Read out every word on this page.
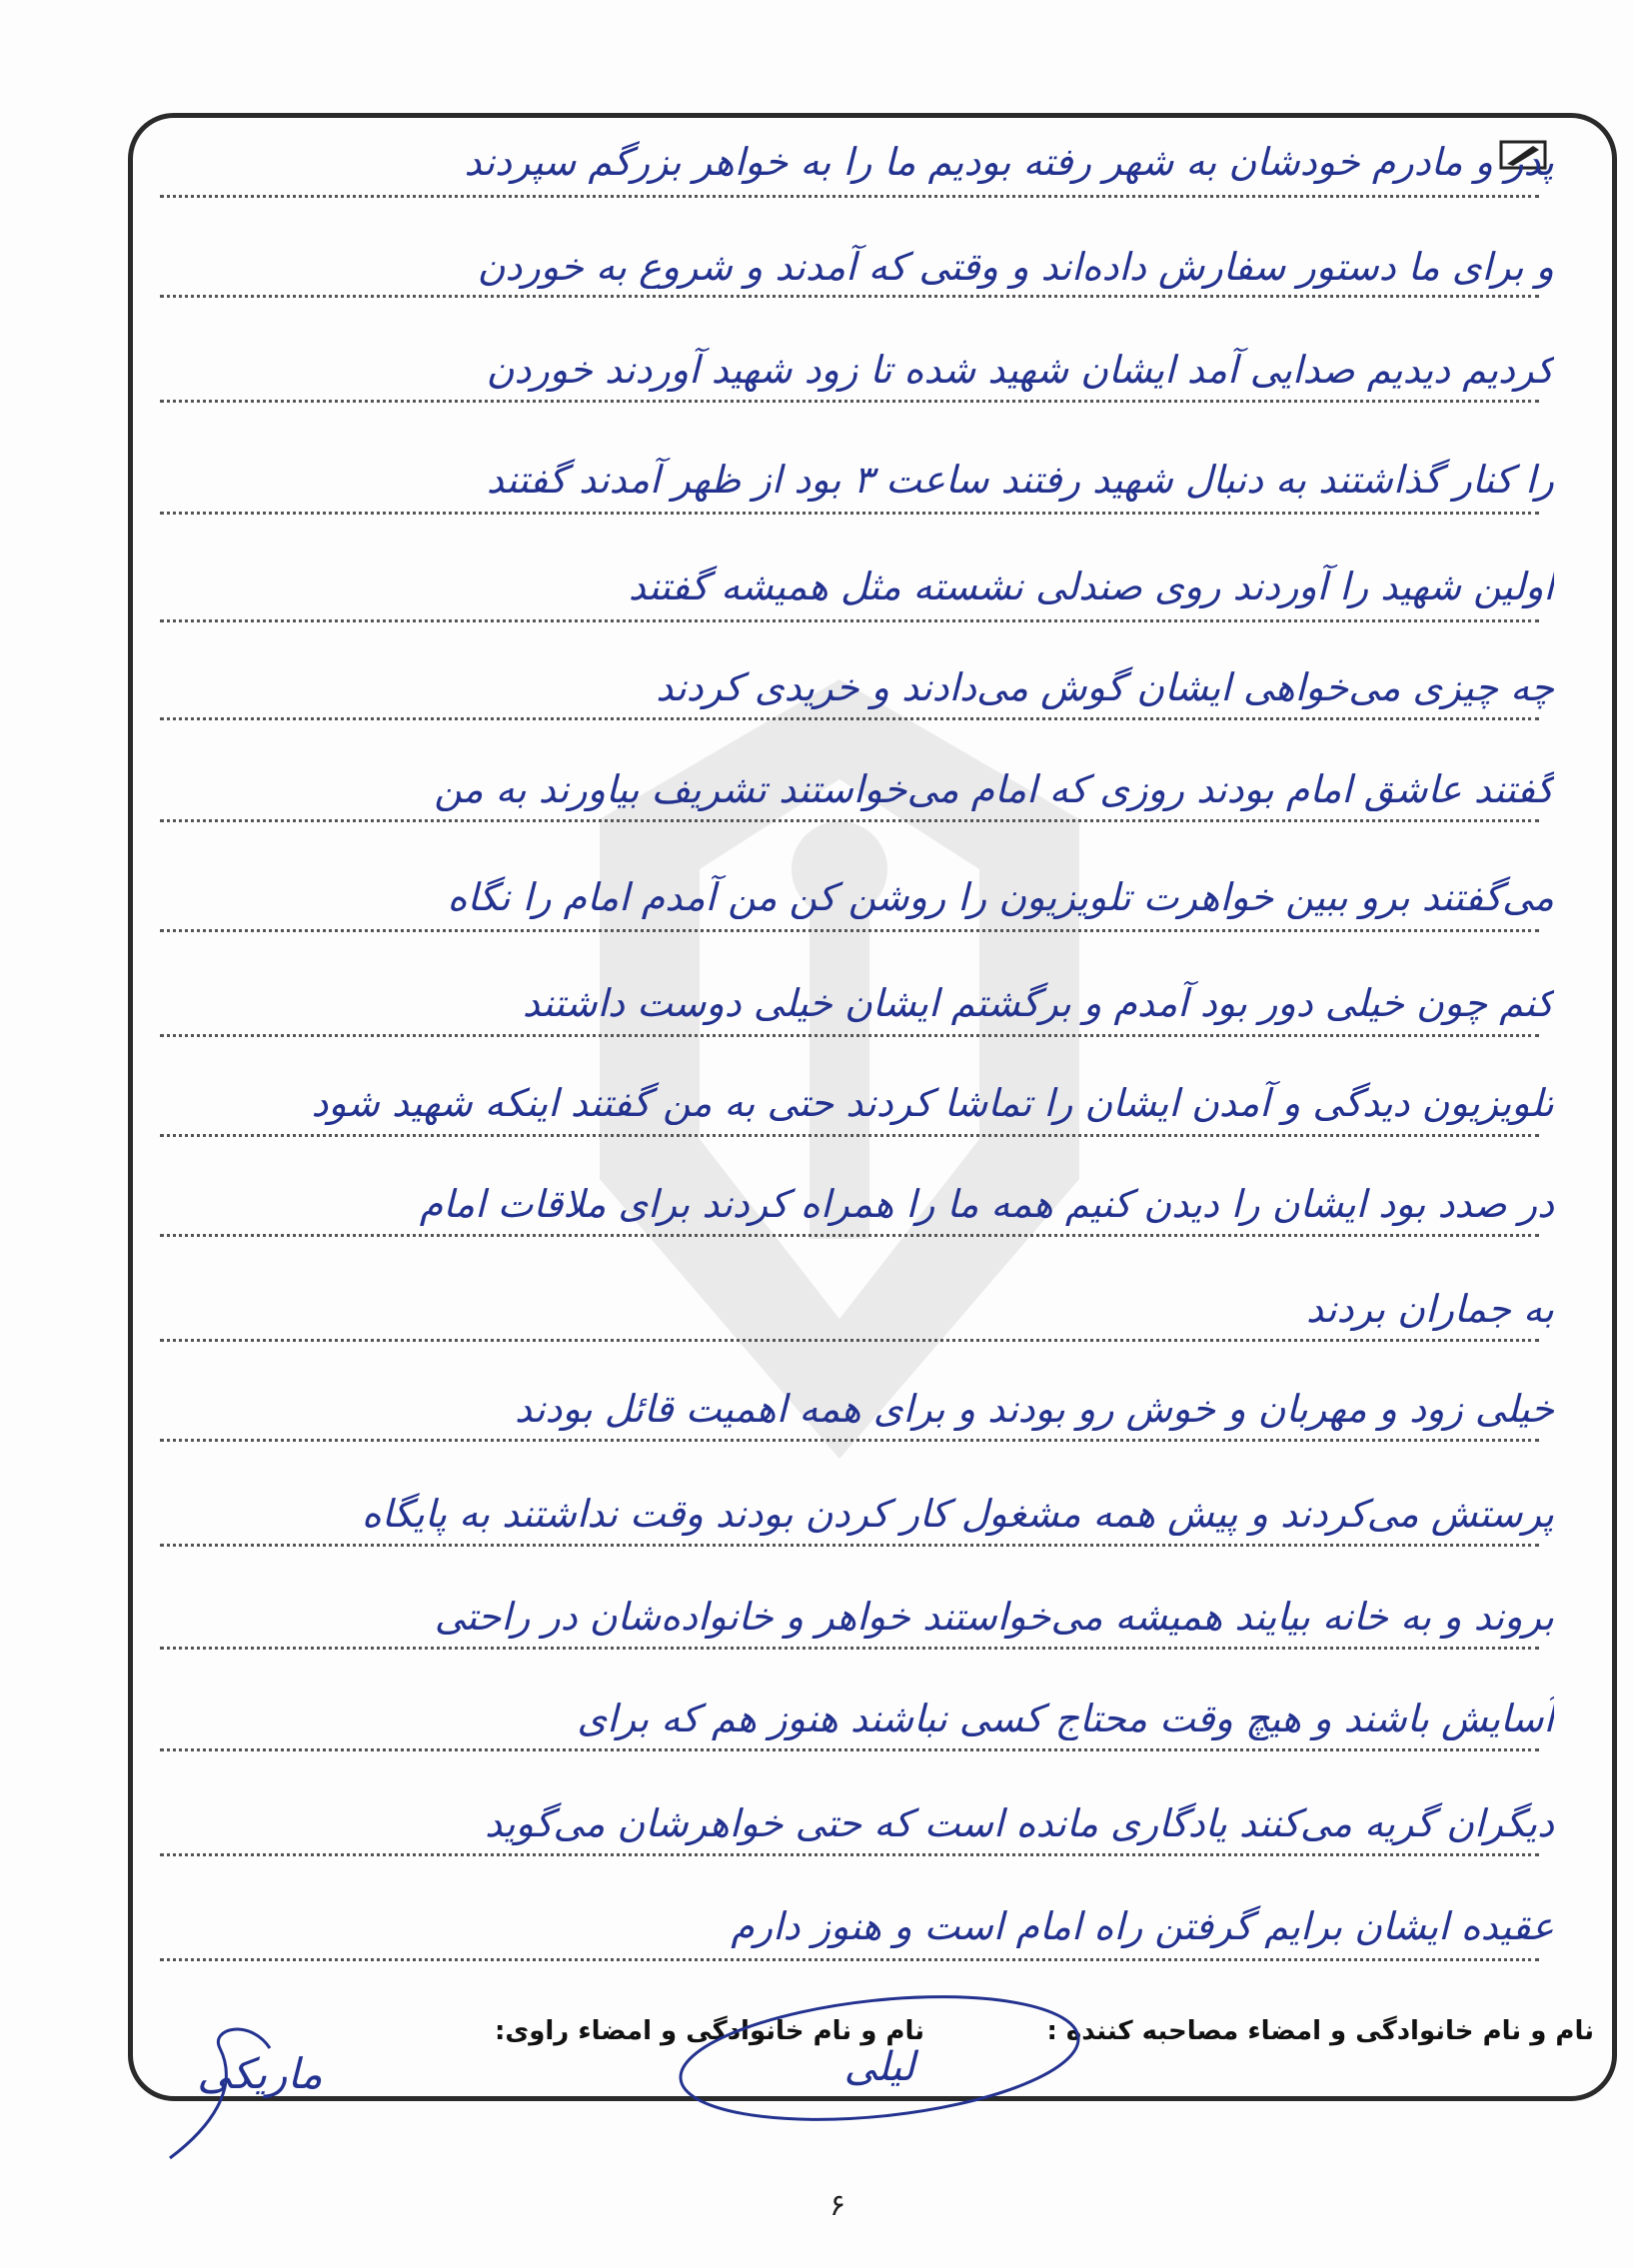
پدر و مادرم خودشان به شهر رفته بودیم ما را به خواهر بزرگم سپردند
و برای ما دستور سفارش داده‌اند و وقتی که آمدند و شروع به خوردن
کردیم دیدیم صدایی آمد ایشان شهید شده تا زود شهید آوردند خوردن
را کنار گذاشتند به دنبال شهید رفتند ساعت ۳ بود از ظهر آمدند گفتند
اولین شهید را آوردند روی صندلی نشسته مثل همیشه گفتند
چه چیزی می‌خواهی ایشان گوش می‌دادند و خریدی کردند
گفتند عاشق امام بودند روزی که امام می‌خواستند تشریف بیاورند به من
می‌گفتند برو ببین خواهرت تلویزیون را روشن کن من آمدم امام را نگاه
کنم چون خیلی دور بود آمدم و برگشتم ایشان خیلی دوست داشتند
تلویزیون دیدگی و آمدن ایشان را تماشا کردند حتی به من گفتند اینکه شهید شود
در صدد بود ایشان را دیدن کنیم همه ما را همراه کردند برای ملاقات امام
به جماران بردند
خیلی زود و مهربان و خوش رو بودند و برای همه اهمیت قائل بودند
پرستش می‌کردند و پیش همه مشغول کار کردن بودند وقت نداشتند به پایگاه
بروند و به خانه بیایند همیشه می‌خواستند خواهر و خانواده‌شان در راحتی
آسایش باشند و هیچ وقت محتاج کسی نباشند هنوز هم که برای
دیگران گریه می‌کنند یادگاری مانده است که حتی خواهرشان می‌گوید
عقیده ایشان برایم گرفتن راه امام است و هنوز دارم
نام و نام خانوادگی و امضاء مصاحبه کننده :
نام و نام خانوادگی و امضاء راوی:
لیلی
ماریکی
۶
